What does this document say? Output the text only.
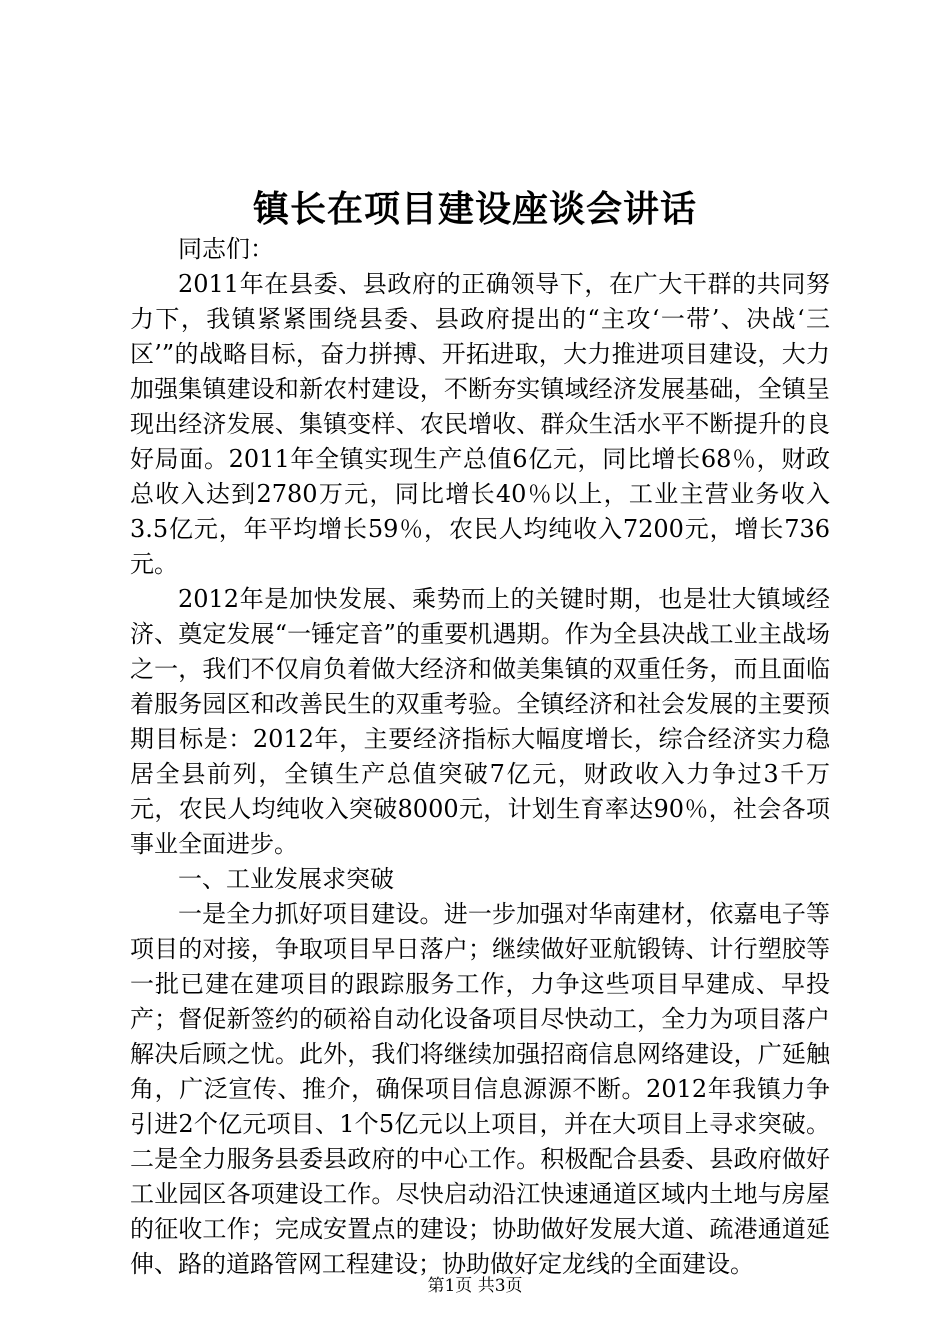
镇长在项目建设座谈会讲话

同志们：

2011年在县委、县政府的正确领导下，在广大干群的共同努力下，我镇紧紧围绕县委、县政府提出的“主攻‘一带’、决战‘三区’”的战略目标，奋力拼搏、开拓进取，大力推进项目建设，大力加强集镇建设和新农村建设，不断夯实镇域经济发展基础，全镇呈现出经济发展、集镇变样、农民增收、群众生活水平不断提升的良好局面。2011年全镇实现生产总值6亿元，同比增长68％，财政总收入达到2780万元，同比增长40％以上，工业主营业务收入3.5亿元，年平均增长59％，农民人均纯收入7200元，增长736元。

2012年是加快发展、乘势而上的关键时期，也是壮大镇域经济、奠定发展“一锤定音”的重要机遇期。作为全县决战工业主战场之一，我们不仅肩负着做大经济和做美集镇的双重任务，而且面临着服务园区和改善民生的双重考验。全镇经济和社会发展的主要预期目标是：2012年，主要经济指标大幅度增长，综合经济实力稳居全县前列，全镇生产总值突破7亿元，财政收入力争过3千万元，农民人均纯收入突破8000元，计划生育率达90％，社会各项事业全面进步。

一、工业发展求突破

一是全力抓好项目建设。进一步加强对华南建材，依嘉电子等项目的对接，争取项目早日落户；继续做好亚航锻铸、计行塑胶等一批已建在建项目的跟踪服务工作，力争这些项目早建成、早投产；督促新签约的硕裕自动化设备项目尽快动工，全力为项目落户解决后顾之忧。此外，我们将继续加强招商信息网络建设，广延触角，广泛宣传、推介，确保项目信息源源不断。2012年我镇力争引进2个亿元项目、1个5亿元以上项目，并在大项目上寻求突破。二是全力服务县委县政府的中心工作。积极配合县委、县政府做好工业园区各项建设工作。尽快启动沿江快速通道区域内土地与房屋的征收工作；完成安置点的建设；协助做好发展大道、疏港通道延伸、路的道路管网工程建设；协助做好定龙线的全面建设。

第1页 共3页
